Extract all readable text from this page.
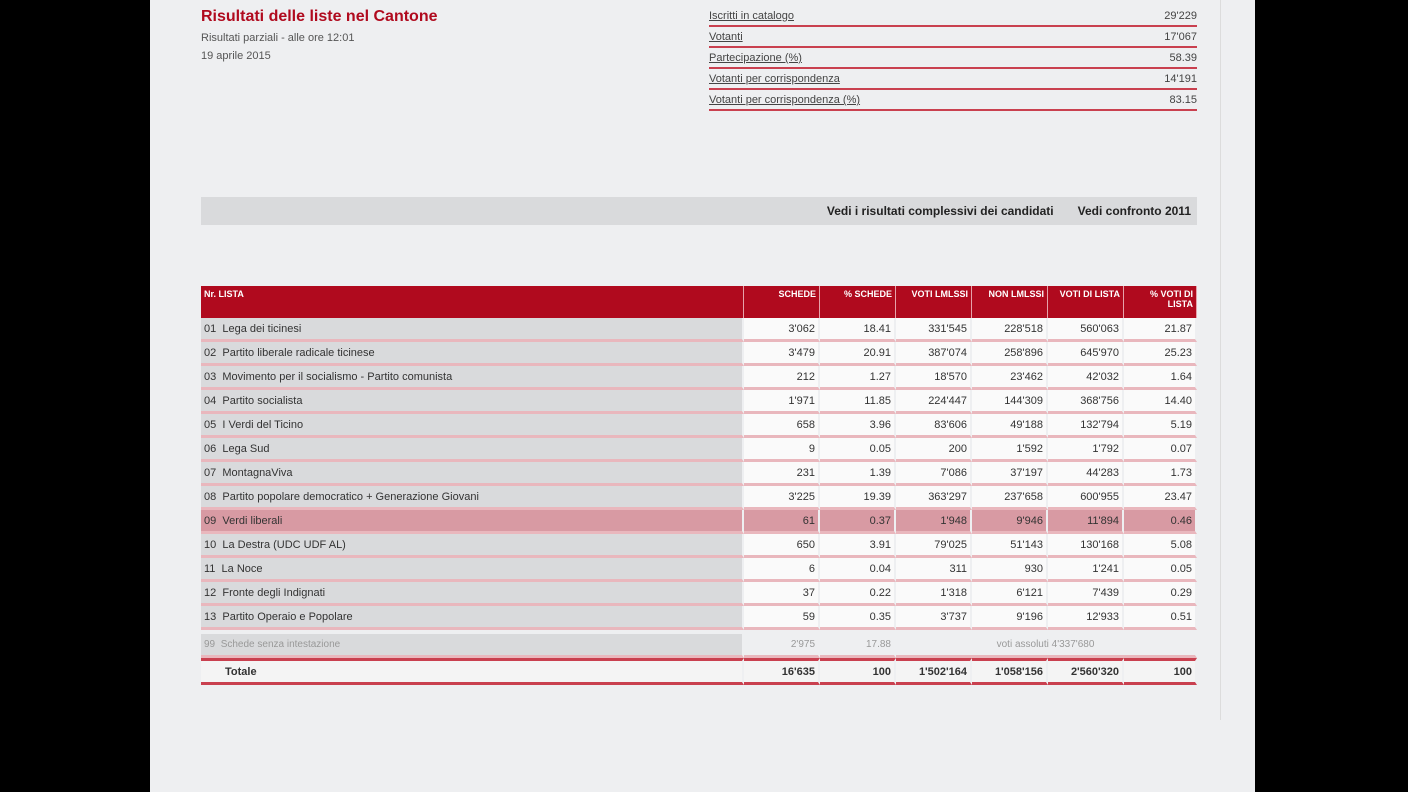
Risultati delle liste nel Cantone
Risultati parziali - alle ore 12:01
19 aprile 2015
Iscritti in catalogo	29'229
Votanti	17'067
Partecipazione (%)	58.39
Votanti per corrispondenza	14'191
Votanti per corrispondenza (%)	83.15
Vedi i risultati complessivi dei candidati Vedi confronto 2011
Nr. LISTA	SCHEDE	% SCHEDE	VOTI LMLSSI	NON LMLSSI	VOTI DI LISTA	% VOTI DI LISTA
01 Lega dei ticinesi	3'062	18.41	331'545	228'518	560'063	21.87
02 Partito liberale radicale ticinese	3'479	20.91	387'074	258'896	645'970	25.23
03 Movimento per il socialismo - Partito comunista	212	1.27	18'570	23'462	42'032	1.64
04 Partito socialista	1'971	11.85	224'447	144'309	368'756	14.40
05 I Verdi del Ticino	658	3.96	83'606	49'188	132'794	5.19
06 Lega Sud	9	0.05	200	1'592	1'792	0.07
07 MontagnaViva	231	1.39	7'086	37'197	44'283	1.73
08 Partito popolare democratico + Generazione Giovani	3'225	19.39	363'297	237'658	600'955	23.47
09 Verdi liberali	61	0.37	1'948	9'946	11'894	0.46
10 La Destra (UDC UDF AL)	650	3.91	79'025	51'143	130'168	5.08
11 La Noce	6	0.04	311	930	1'241	0.05
12 Fronte degli Indignati	37	0.22	1'318	6'121	7'439	0.29
13 Partito Operaio e Popolare	59	0.35	3'737	9'196	12'933	0.51

99 Schede senza intestazione	2'975	17.88	voti assoluti 4'337'680			
Totale	16'635	100	1'502'164	1'058'156	2'560'320	100
